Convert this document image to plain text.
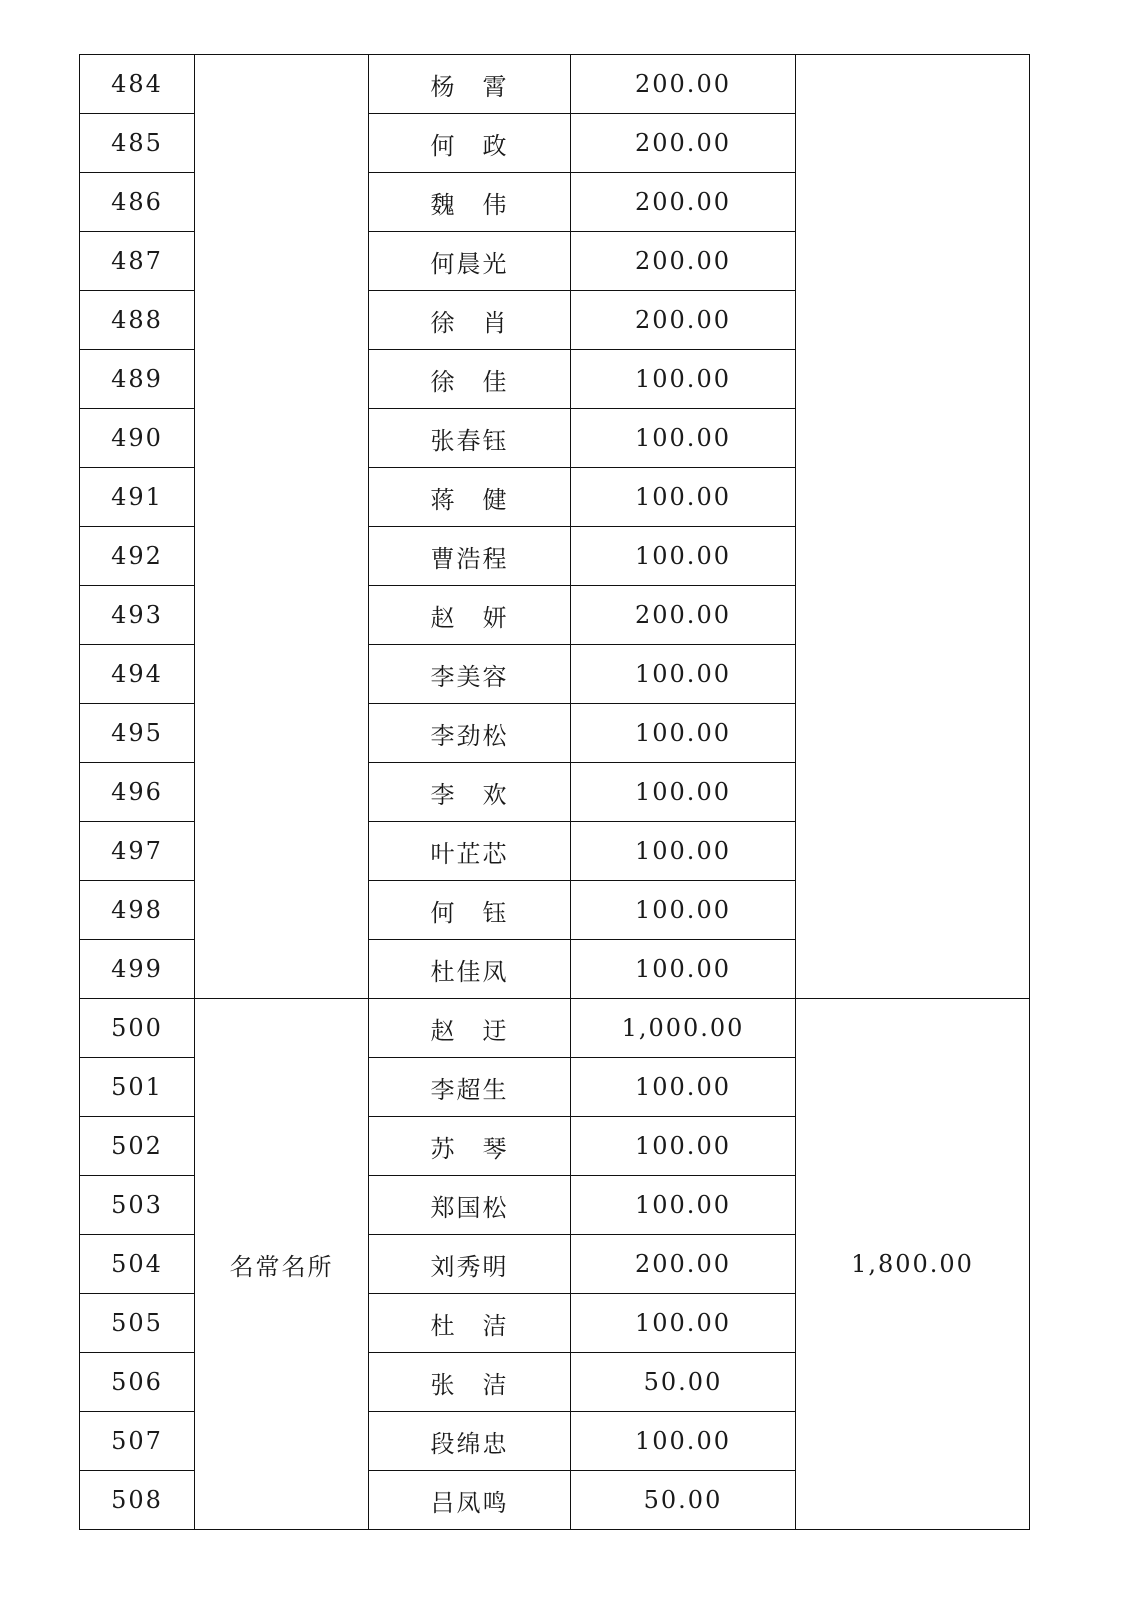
484		杨　霄	200.00	
485		何　政	200.00	
486		魏　伟	200.00	
487		何晨光	200.00	
488		徐　肖	200.00	
489		徐　佳	100.00	
490		张春钰	100.00	
491		蒋　健	100.00	
492		曹浩程	100.00	
493		赵　妍	200.00	
494		李美容	100.00	
495		李劲松	100.00	
496		李　欢	100.00	
497		叶芷芯	100.00	
498		何　钰	100.00	
499		杜佳凤	100.00	
500	名常名所	赵　迂	1,000.00	1,800.00
501		李超生	100.00	
502		苏　琴	100.00	
503		郑国松	100.00	
504		刘秀明	200.00	
505		杜　洁	100.00	
506		张　洁	50.00	
507		段绵忠	100.00	
508		吕凤鸣	50.00	
